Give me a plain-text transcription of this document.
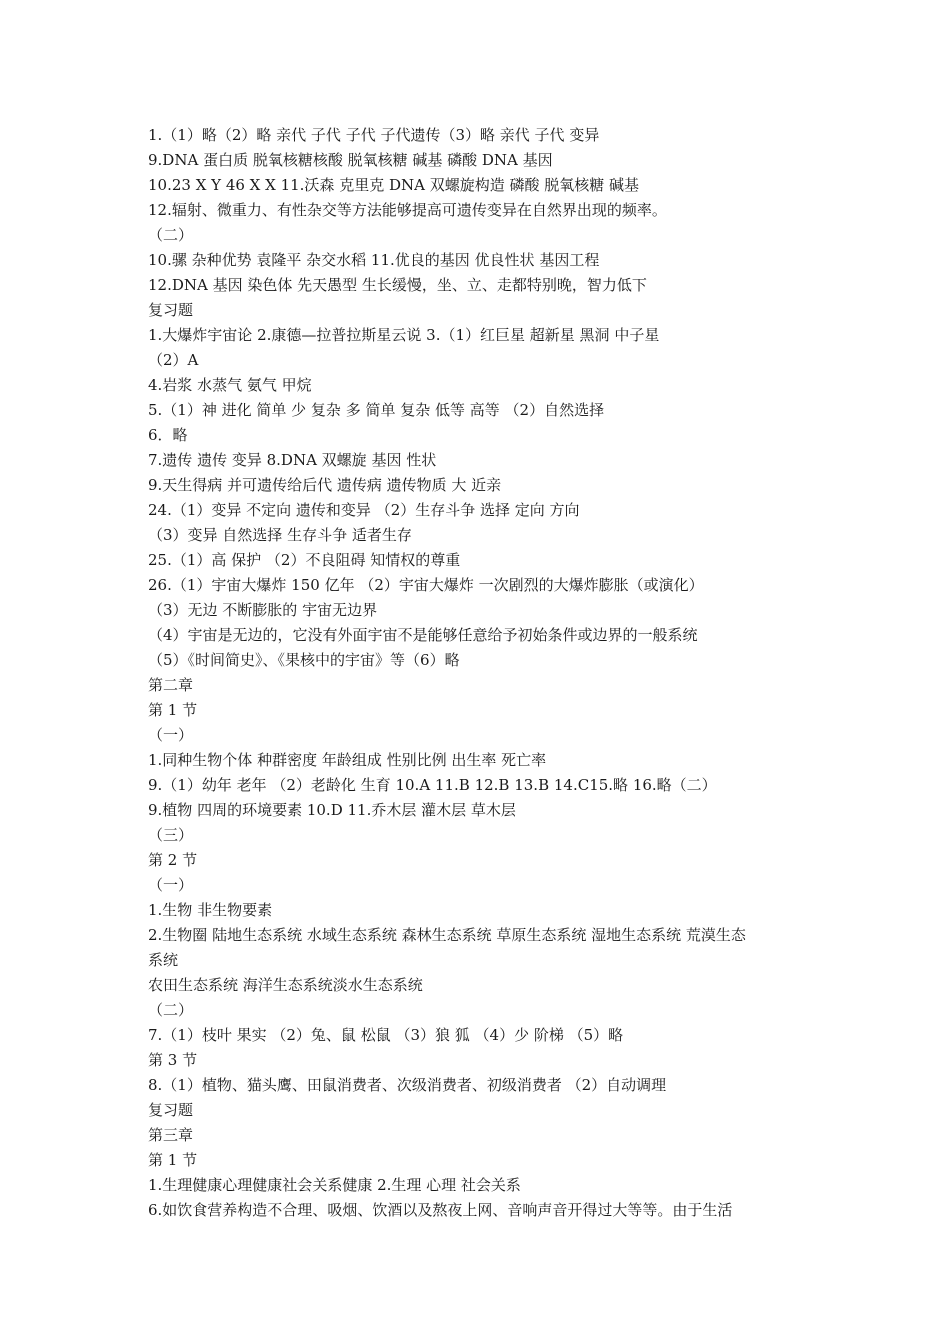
1.（1）略（2）略 亲代 子代 子代 子代遗传（3）略 亲代 子代 变异
9.DNA 蛋白质 脱氧核糖核酸 脱氧核糖 碱基 磷酸 DNA 基因
10.23 X Y 46 X X 11.沃森 克里克 DNA 双螺旋构造 磷酸 脱氧核糖 碱基
12.辐射、微重力、有性杂交等方法能够提高可遗传变异在自然界出现的频率。
（二）
10.骡 杂种优势 袁隆平 杂交水稻 11.优良的基因 优良性状 基因工程
12.DNA 基因 染色体 先天愚型 生长缓慢，坐、立、走都特别晚，智力低下
复习题
1.大爆炸宇宙论 2.康德—拉普拉斯星云说 3.（1）红巨星 超新星 黑洞 中子星
（2）A
4.岩浆 水蒸气 氨气 甲烷
5.（1）神 进化 简单 少 复杂 多 简单 复杂 低等 高等 （2）自然选择
6．略
7.遗传 遗传 变异 8.DNA 双螺旋 基因 性状
9.天生得病 并可遗传给后代 遗传病 遗传物质 大 近亲
24.（1）变异 不定向 遗传和变异 （2）生存斗争 选择 定向 方向
（3）变异 自然选择 生存斗争 适者生存
25.（1）高 保护 （2）不良阻碍 知情权的尊重
26.（1）宇宙大爆炸 150 亿年 （2）宇宙大爆炸 一次剧烈的大爆炸膨胀（或演化）
（3）无边 不断膨胀的 宇宙无边界
（4）宇宙是无边的，它没有外面宇宙不是能够任意给予初始条件或边界的一般系统
（5）《时间简史》、《果核中的宇宙》等（6）略
第二章
第 1 节
（一）
1.同种生物个体 种群密度 年龄组成 性别比例 出生率 死亡率
9.（1）幼年 老年 （2）老龄化 生育 10.A 11.B 12.B 13.B 14.C15.略 16.略（二）
9.植物 四周的环境要素 10.D 11.乔木层 灌木层 草木层
（三）
第 2 节
（一）
1.生物 非生物要素
2.生物圈 陆地生态系统 水域生态系统 森林生态系统 草原生态系统 湿地生态系统 荒漠生态
系统
农田生态系统 海洋生态系统淡水生态系统
（二）
7.（1）枝叶 果实 （2）兔、鼠 松鼠 （3）狼 狐 （4）少 阶梯 （5）略
第 3 节
8.（1）植物、猫头鹰、田鼠消费者、次级消费者、初级消费者 （2）自动调理
复习题
第三章
第 1 节
1.生理健康心理健康社会关系健康 2.生理 心理 社会关系
6.如饮食营养构造不合理、吸烟、饮酒以及熬夜上网、音响声音开得过大等等。由于生活
